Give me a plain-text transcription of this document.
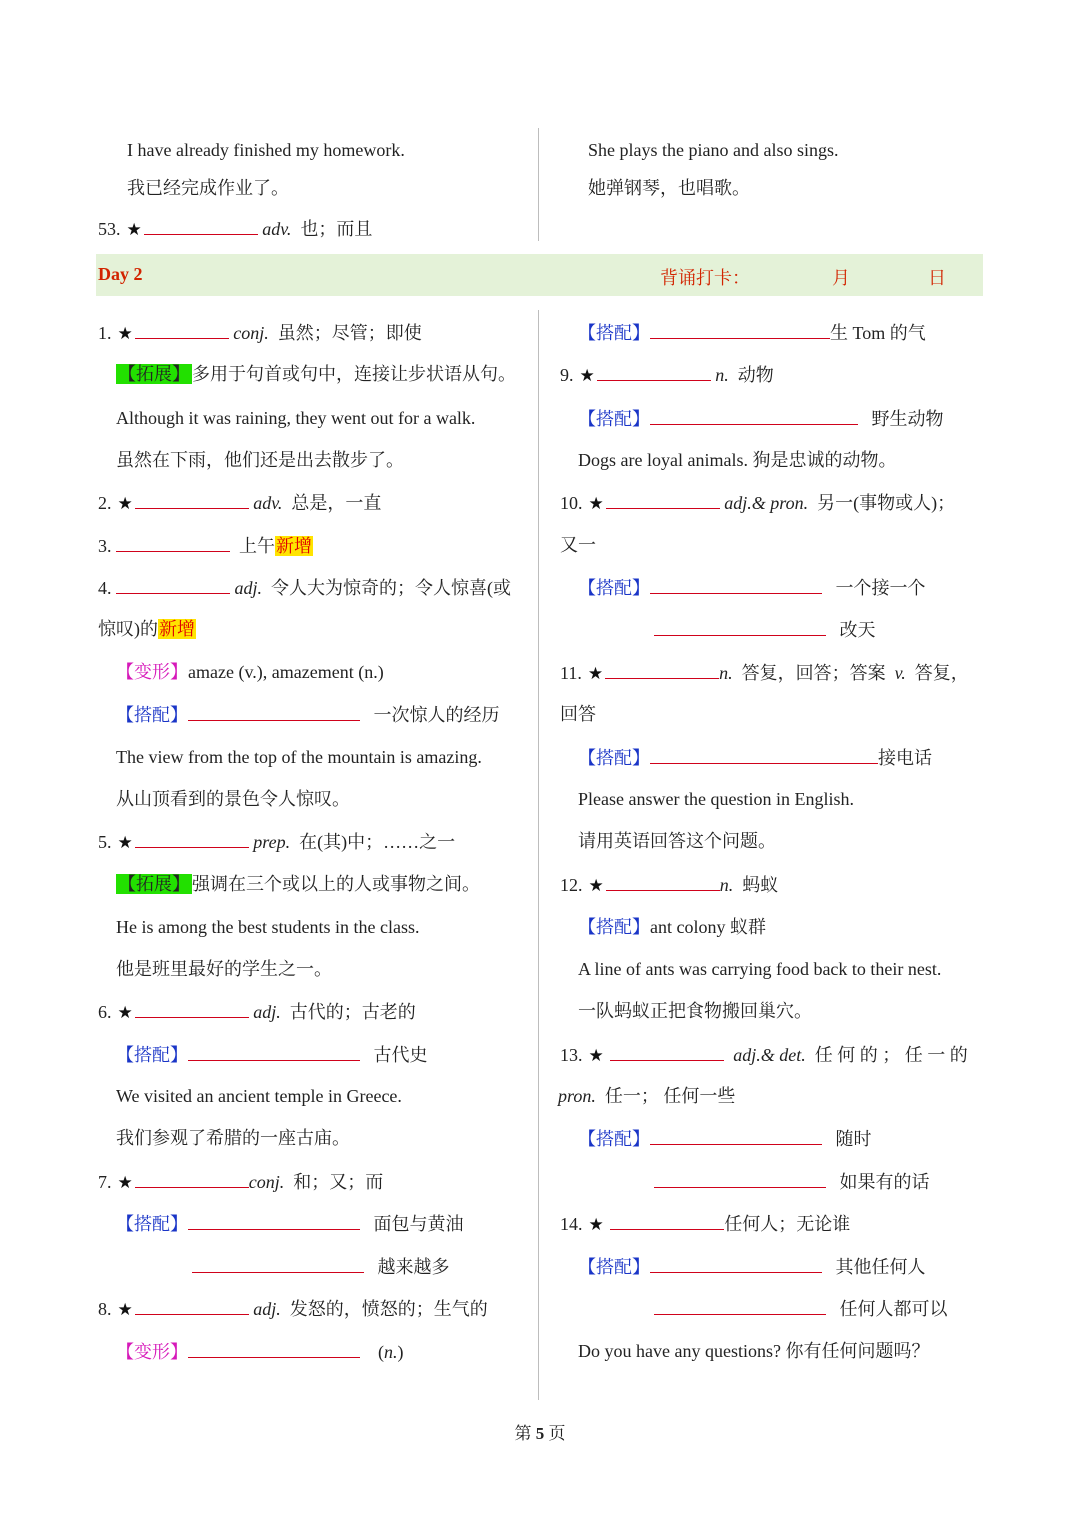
I have already finished my homework.
我已经完成作业了。
53. ★	adv. 也；而且
She plays the piano and also sings.
她弹钢琴，也唱歌。
Day 2	背诵打卡：	月	日
1. ★	conj. 虽然；尽管；即使
【拓展】 多用于句首或句中，连接让步状语从句。
Although it was raining, they went out for a walk.
虽然在下雨，他们还是出去散步了。
2. ★	adv. 总是，一直
3.	上午新增
4.	adj. 令人大为惊奇的；令人惊喜(或
惊叹)的新增
【变形】amaze (v.), amazement (n.)
【搭配】	一次惊人的经历
The view from the top of the mountain is amazing.
从山顶看到的景色令人惊叹。
5. ★	prep. 在(其)中；……之一
【拓展】 强调在三个或以上的人或事物之间。
He is among the best students in the class.
他是班里最好的学生之一。
6. ★	adj. 古代的；古老的
【搭配】	古代史
We visited an ancient temple in Greece.
我们参观了希腊的一座古庙。
7. ★	conj. 和；又；而
【搭配】	面包与黄油
越来越多
8. ★	adj. 发怒的，愤怒的；生气的
【变形】	(n.)
【搭配】	生 Tom 的气
9. ★	n. 动物
【搭配】	野生动物
Dogs are loyal animals. 狗是忠诚的动物。
10. ★	adj.& pron. 另一(事物或人)；
又一
【搭配】	一个接一个
改天
11. ★	n. 答复，回答；答案 v. 答复，
回答
【搭配】	接电话
Please answer the question in English.
请用英语回答这个问题。
12. ★	n. 蚂蚁
【搭配】ant colony 蚁群
A line of ants was carrying food back to their nest.
一队蚂蚁正把食物搬回巢穴。
13. ★	adj.& det. 任 何 的 ； 任 一 的
pron. 任一； 任何一些
【搭配】	随时
如果有的话
14. ★	任何人；无论谁
【搭配】	其他任何人
任何人都可以
Do you have any questions? 你有任何问题吗？
第 5 页
